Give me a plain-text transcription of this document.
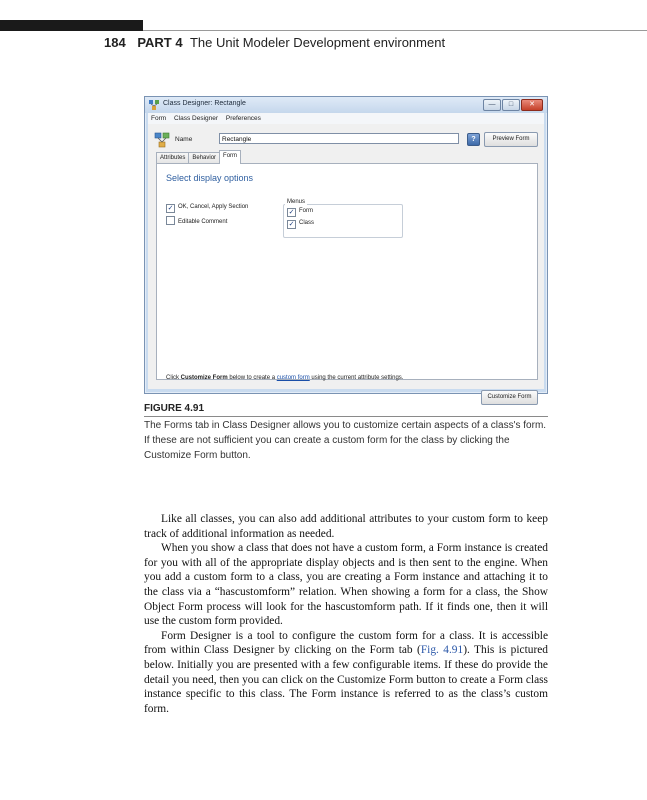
184 PART 4 The Unit Modeler Development environment
Class Designer: Rectangle	—	□	✕
Form Class Designer Preferences
Name	Rectangle	?	Preview Form
Attributes	Behavior	Form
Select display options
✓ OK, Cancel, Apply Section
Editable Comment
Menus
✓ Form
✓ Class
Click Customize Form below to create a custom form using the current attribute settings.
Customize Form
FIGURE 4.91
The Forms tab in Class Designer allows you to customize certain aspects of a class's form. If these are not sufficient you can create a custom form for the class by clicking the Customize Form button.

Like all classes, you can also add additional attributes to your custom form to keep track of additional information as needed.

When you show a class that does not have a custom form, a Form instance is created for you with all of the appropriate display objects and is then sent to the engine. When you add a custom form to a class, you are creating a Form instance and attaching it to the class via a “hascustomform” relation. When showing a form for a class, the Show Object Form process will look for the hascustomform path. If it finds one, then it will use the custom form provided.

Form Designer is a tool to configure the custom form for a class. It is accessible from within Class Designer by clicking on the Form tab (Fig. 4.91). This is pictured below. Initially you are presented with a few configurable items. If these do provide the detail you need, then you can click on the Customize Form button to create a Form class instance specific to this class. The Form instance is referred to as the class’s custom form.
